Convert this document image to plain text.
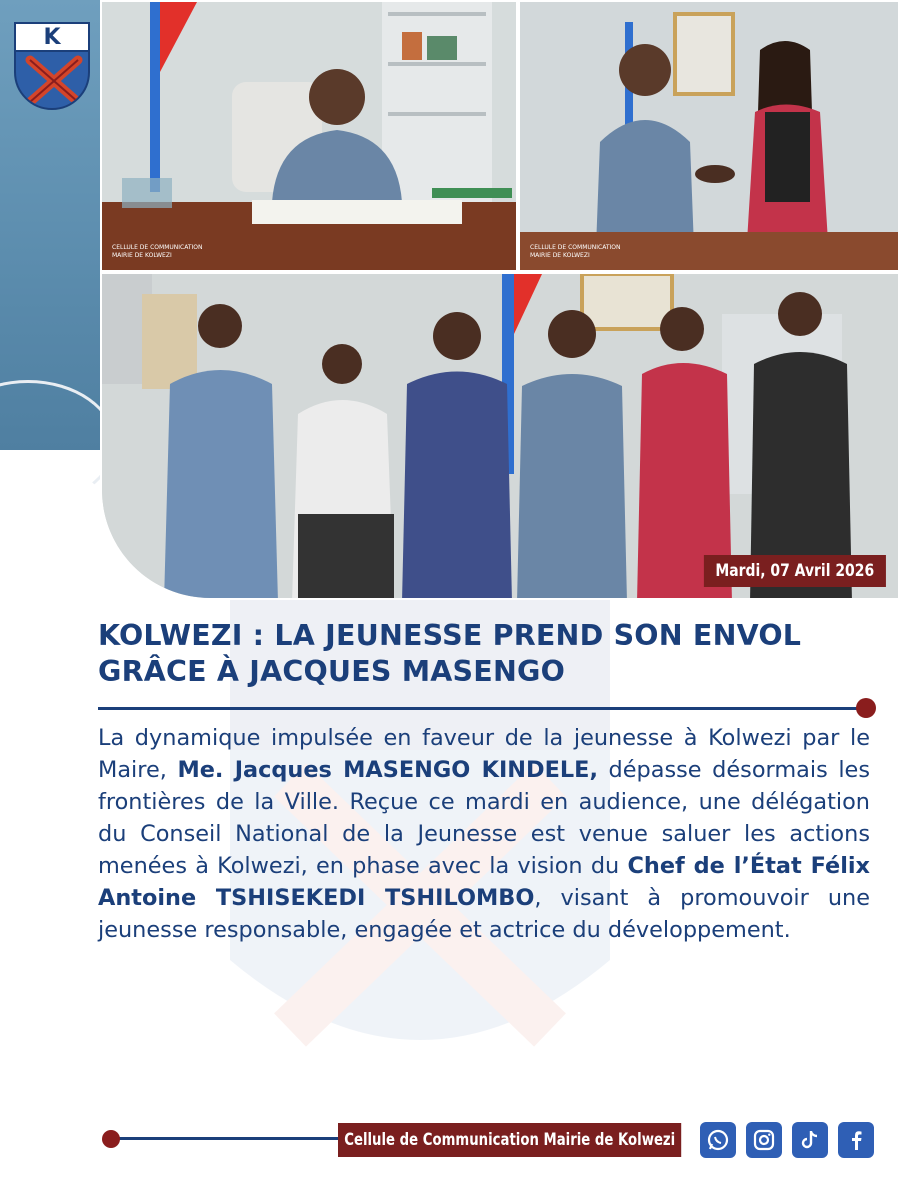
K
CELLULE DE COMMUNICATION
MAIRIE DE KOLWEZI
CELLULE DE COMMUNICATION
MAIRIE DE KOLWEZI
Mardi, 07 Avril 2026
KOLWEZI : LA JEUNESSE PREND SON ENVOL
GRÂCE À JACQUES MASENGO

La dynamique impulsée en faveur de la jeunesse à Kolwezi par le Maire, Me. Jacques MASENGO KINDELE, dépasse désormais les frontières de la Ville. Reçue ce mardi en audience, une délégation du Conseil National de la Jeunesse est venue saluer les actions menées à Kolwezi, en phase avec la vision du Chef de l’État Félix Antoine TSHISEKEDI TSHILOMBO, visant à promouvoir une jeunesse responsable, engagée et actrice du développement.

Cellule de Communication Mairie de Kolwezi
